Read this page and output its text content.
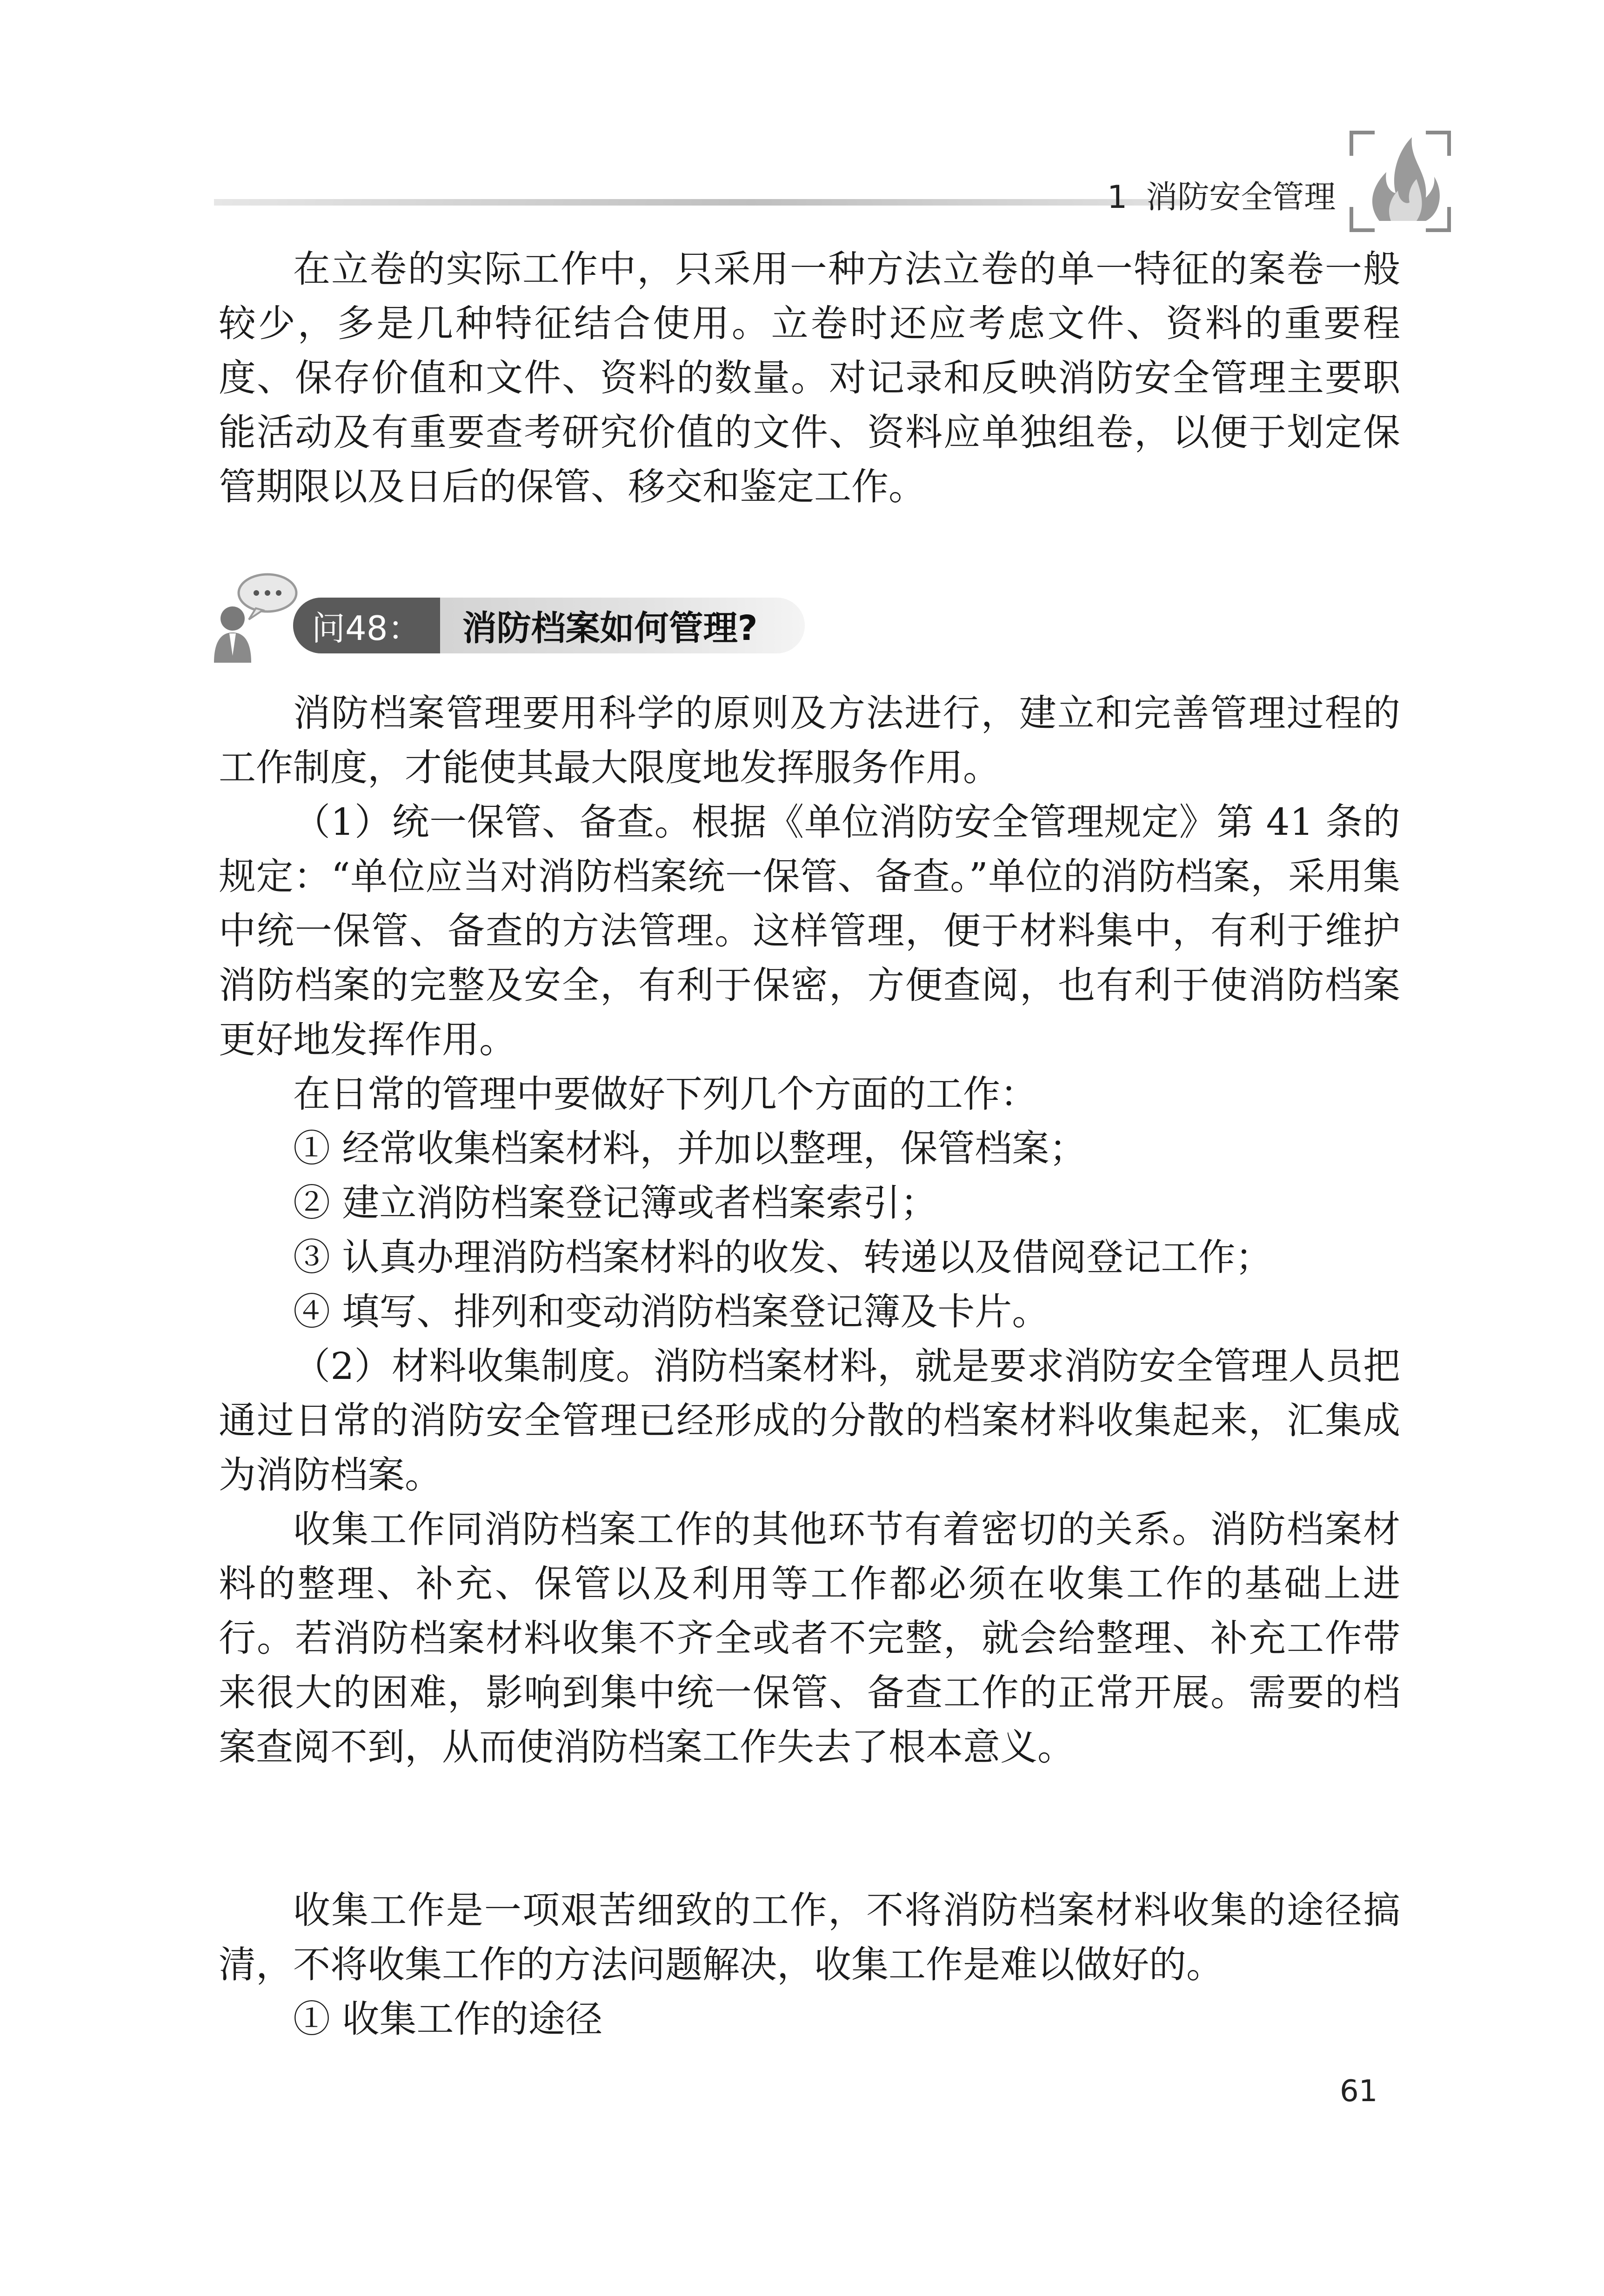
1 消防安全管理

在立卷的实际工作中，只采用一种方法立卷的单一特征的案卷一般较少，多是几种特征结合使用。立卷时还应考虑文件、资料的重要程度、保存价值和文件、资料的数量。对记录和反映消防安全管理主要职能活动及有重要查考研究价值的文件、资料应单独组卷，以便于划定保管期限以及日后的保管、移交和鉴定工作。

问48：	消防档案如何管理?

消防档案管理要用科学的原则及方法进行，建立和完善管理过程的工作制度，才能使其最大限度地发挥服务作用。

（1）统一保管、备查。根据《单位消防安全管理规定》第 41 条的规定：“单位应当对消防档案统一保管、备查。”单位的消防档案，采用集中统一保管、备查的方法管理。这样管理，便于材料集中，有利于维护消防档案的完整及安全，有利于保密，方便查阅，也有利于使消防档案更好地发挥作用。

在日常的管理中要做好下列几个方面的工作：

① 经常收集档案材料，并加以整理，保管档案；

② 建立消防档案登记簿或者档案索引；

③ 认真办理消防档案材料的收发、转递以及借阅登记工作；

④ 填写、排列和变动消防档案登记簿及卡片。

（2）材料收集制度。消防档案材料，就是要求消防安全管理人员把通过日常的消防安全管理已经形成的分散的档案材料收集起来，汇集成为消防档案。

收集工作同消防档案工作的其他环节有着密切的关系。消防档案材料的整理、补充、保管以及利用等工作都必须在收集工作的基础上进行。若消防档案材料收集不齐全或者不完整，就会给整理、补充工作带来很大的困难，影响到集中统一保管、备查工作的正常开展。需要的档案查阅不到，从而使消防档案工作失去了根本意义。

收集工作是一项艰苦细致的工作，不将消防档案材料收集的途径搞清，不将收集工作的方法问题解决，收集工作是难以做好的。

① 收集工作的途径

61
